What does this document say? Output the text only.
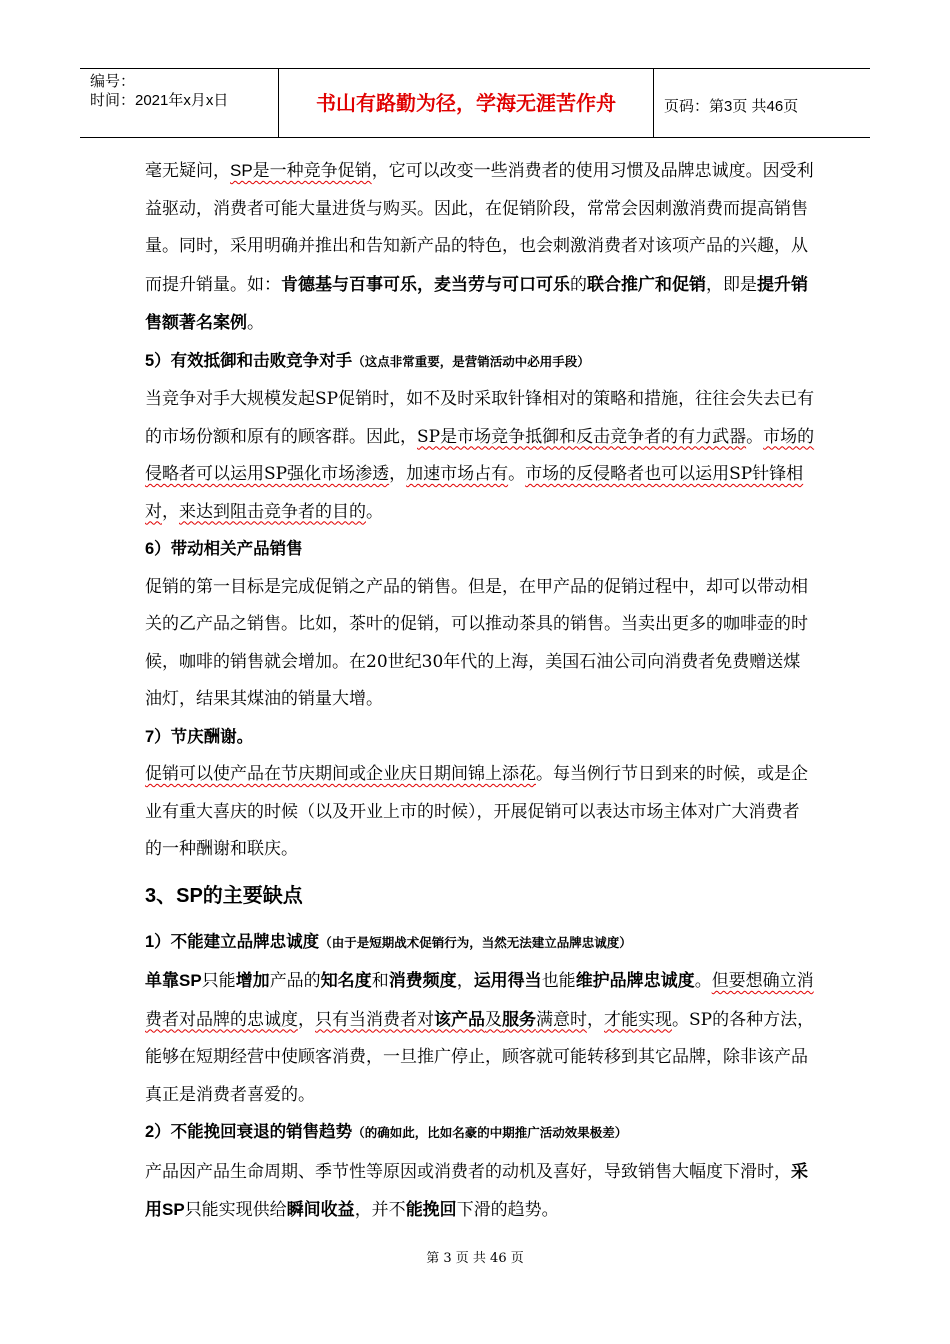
编号：
时间：2021年x月x日	书山有路勤为径，学海无涯苦作舟	页码：第3页 共46页

毫无疑问，SP是一种竞争促销，它可以改变一些消费者的使用习惯及品牌忠诚度。因受利益驱动，消费者可能大量进货与购买。因此，在促销阶段，常常会因刺激消费而提高销售量。同时，采用明确并推出和告知新产品的特色，也会刺激消费者对该项产品的兴趣，从而提升销量。如：肯德基与百事可乐，麦当劳与可口可乐的联合推广和促销，即是提升销售额著名案例。

5）有效抵御和击败竞争对手（这点非常重要，是营销活动中必用手段）

当竞争对手大规模发起SP促销时，如不及时采取针锋相对的策略和措施，往往会失去已有的市场份额和原有的顾客群。因此，SP是市场竞争抵御和反击竞争者的有力武器。市场的侵略者可以运用SP强化市场渗透，加速市场占有。市场的反侵略者也可以运用SP针锋相对，来达到阻击竞争者的目的。

6）带动相关产品销售

促销的第一目标是完成促销之产品的销售。但是，在甲产品的促销过程中，却可以带动相关的乙产品之销售。比如，茶叶的促销，可以推动茶具的销售。当卖出更多的咖啡壶的时候，咖啡的销售就会增加。在20世纪30年代的上海，美国石油公司向消费者免费赠送煤油灯，结果其煤油的销量大增。

7）节庆酬谢。

促销可以使产品在节庆期间或企业庆日期间锦上添花。每当例行节日到来的时候，或是企业有重大喜庆的时候（以及开业上市的时候），开展促销可以表达市场主体对广大消费者的一种酬谢和联庆。

3、SP的主要缺点

1）不能建立品牌忠诚度（由于是短期战术促销行为，当然无法建立品牌忠诚度）

单靠SP只能增加产品的知名度和消费频度，运用得当也能维护品牌忠诚度。但要想确立消费者对品牌的忠诚度，只有当消费者对该产品及服务满意时，才能实现。SP的各种方法，能够在短期经营中使顾客消费，一旦推广停止，顾客就可能转移到其它品牌，除非该产品真正是消费者喜爱的。

2）不能挽回衰退的销售趋势（的确如此，比如名豪的中期推广活动效果极差）

产品因产品生命周期、季节性等原因或消费者的动机及喜好，导致销售大幅度下滑时，采用SP只能实现供给瞬间收益，并不能挽回下滑的趋势。

第 3 页 共 46 页
